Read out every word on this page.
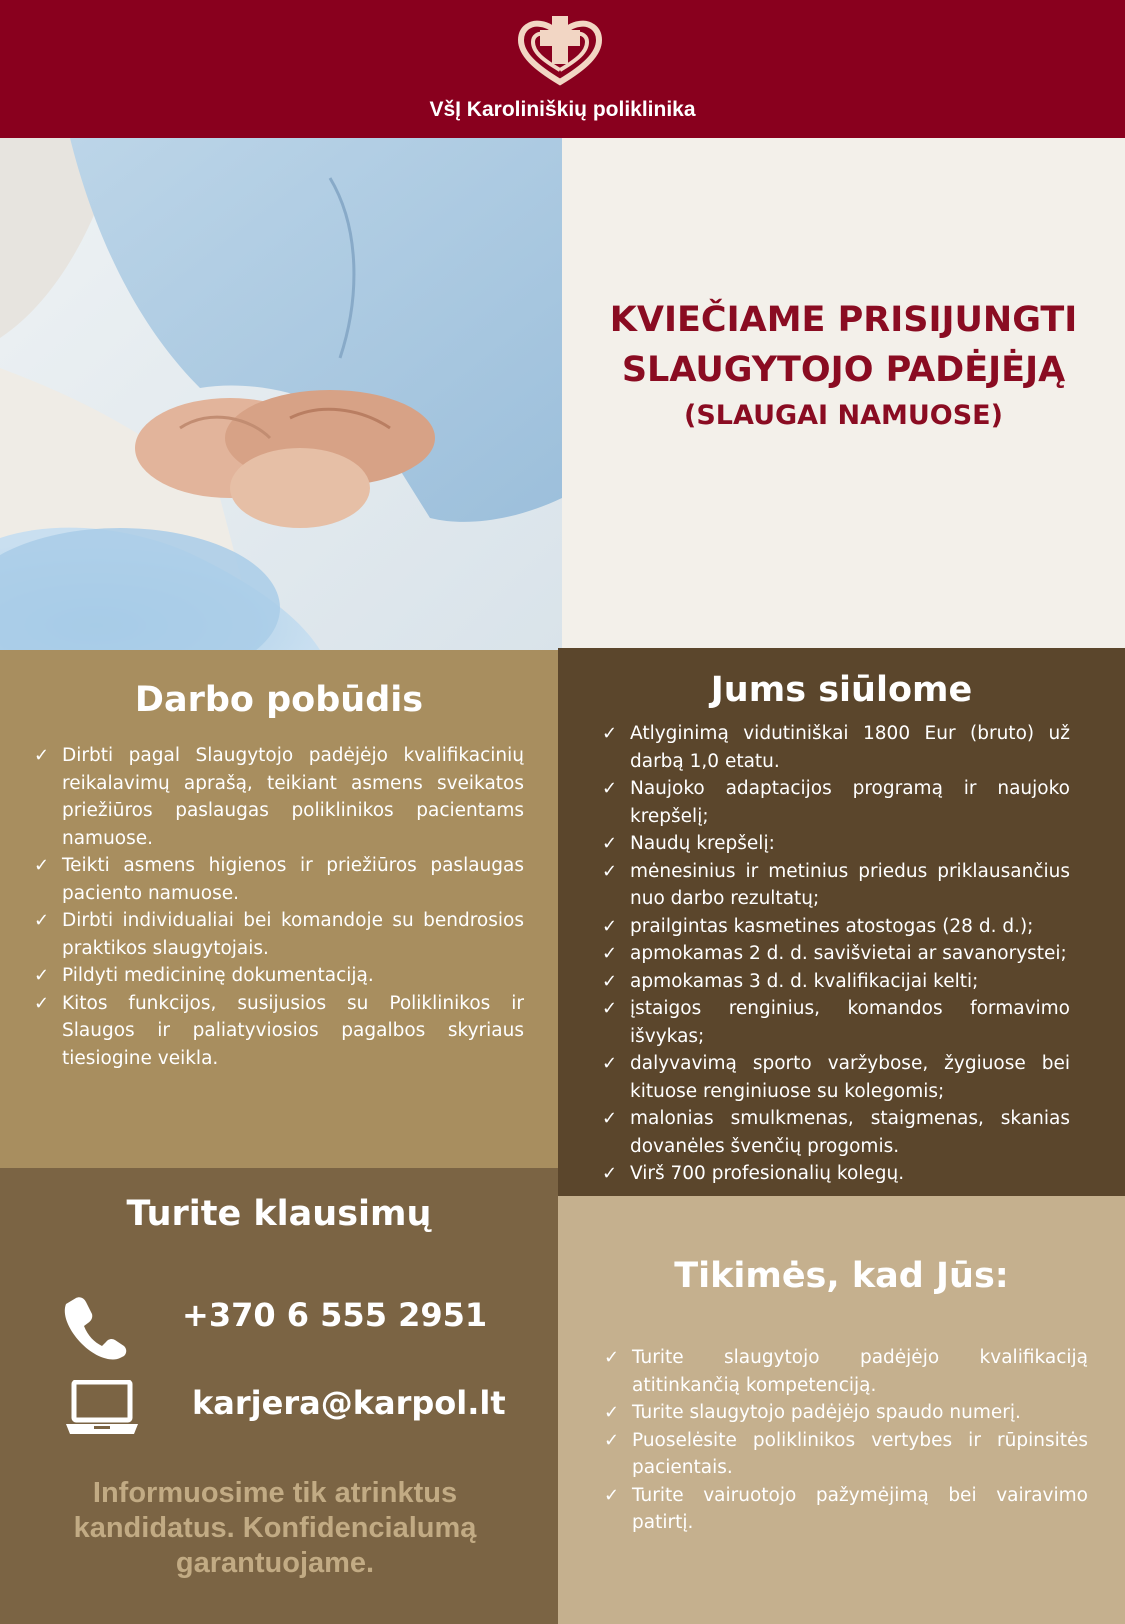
VšĮ Karoliniškių poliklinika
KVIEČIAME PRISIJUNGTI
SLAUGYTOJO PADĖJĖJĄ
(SLAUGAI NAMUOSE)
Darbo pobūdis
✓ Dirbti pagal Slaugytojo padėjėjo kvalifikacinių reikalavimų aprašą, teikiant asmens sveikatos priežiūros paslaugas poliklinikos pacientams namuose.
✓ Teikti asmens higienos ir priežiūros paslaugas paciento namuose.
✓ Dirbti individualiai bei komandoje su bendrosios praktikos slaugytojais.
✓ Pildyti medicininę dokumentaciją.
✓ Kitos funkcijos, susijusios su Poliklinikos ir Slaugos ir paliatyviosios pagalbos skyriaus tiesiogine veikla.
Jums siūlome
✓ Atlyginimą vidutiniškai 1800 Eur (bruto) už darbą 1,0 etatu.
✓ Naujoko adaptacijos programą ir naujoko krepšelį;
✓ Naudų krepšelį:
✓ mėnesinius ir metinius priedus priklausančius nuo darbo rezultatų;
✓ prailgintas kasmetines atostogas (28 d. d.);
✓ apmokamas 2 d. d. savišvietai ar savanorystei;
✓ apmokamas 3 d. d. kvalifikacijai kelti;
✓ įstaigos renginius, komandos formavimo išvykas;
✓ dalyvavimą sporto varžybose, žygiuose bei kituose renginiuose su kolegomis;
✓ malonias smulkmenas, staigmenas, skanias dovanėles švenčių progomis.
✓ Virš 700 profesionalių kolegų.
Turite klausimų
+370 6 555 2951
karjera@karpol.lt
Informuosime tik atrinktus kandidatus. Konfidencialumą garantuojame.
Tikimės, kad Jūs:
✓ Turite slaugytojo padėjėjo kvalifikaciją atitinkančią kompetenciją.
✓ Turite slaugytojo padėjėjo spaudo numerį.
✓ Puoselėsite poliklinikos vertybes ir rūpinsitės pacientais.
✓ Turite vairuotojo pažymėjimą bei vairavimo patirtį.
